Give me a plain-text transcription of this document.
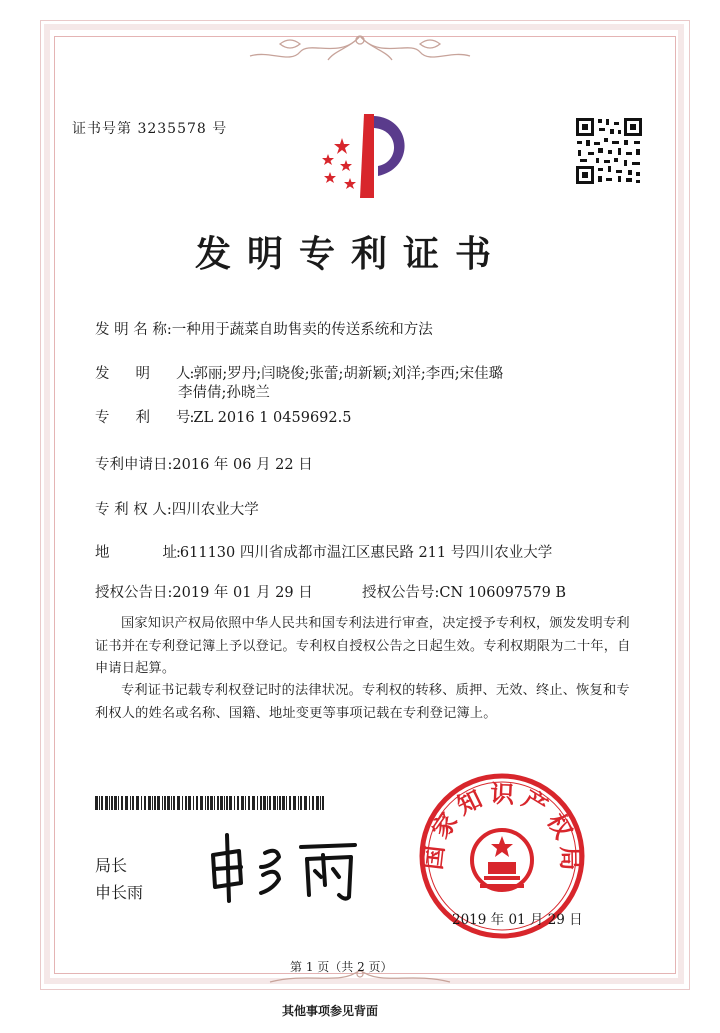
证书号第 3235578 号
发明专利证书
发 明 名 称:一种用于蔬菜自助售卖的传送系统和方法
发　　明　　人:郭丽;罗丹;闫晓俊;张蕾;胡新颖;刘洋;李西;宋佳璐
李倩倩;孙晓兰
专　　利　　号:ZL 2016 1 0459692.5
专利申请日:2016 年 06 月 22 日
专 利 权 人:四川农业大学
地　　　　址:611130 四川省成都市温江区惠民路 211 号四川农业大学
授权公告日:2019 年 01 月 29 日	授权公告号:CN 106097579 B
国家知识产权局依照中华人民共和国专利法进行审查，决定授予专利权，颁发发明专利证书并在专利登记簿上予以登记。专利权自授权公告之日起生效。专利权期限为二十年，自申请日起算。
专利证书记载专利权登记时的法律状况。专利权的转移、质押、无效、终止、恢复和专利权人的姓名或名称、国籍、地址变更等事项记载在专利登记簿上。
局长
申长雨
国家知识产权局
2019 年 01 月 29 日
第 1 页（共 2 页）
其他事项参见背面
